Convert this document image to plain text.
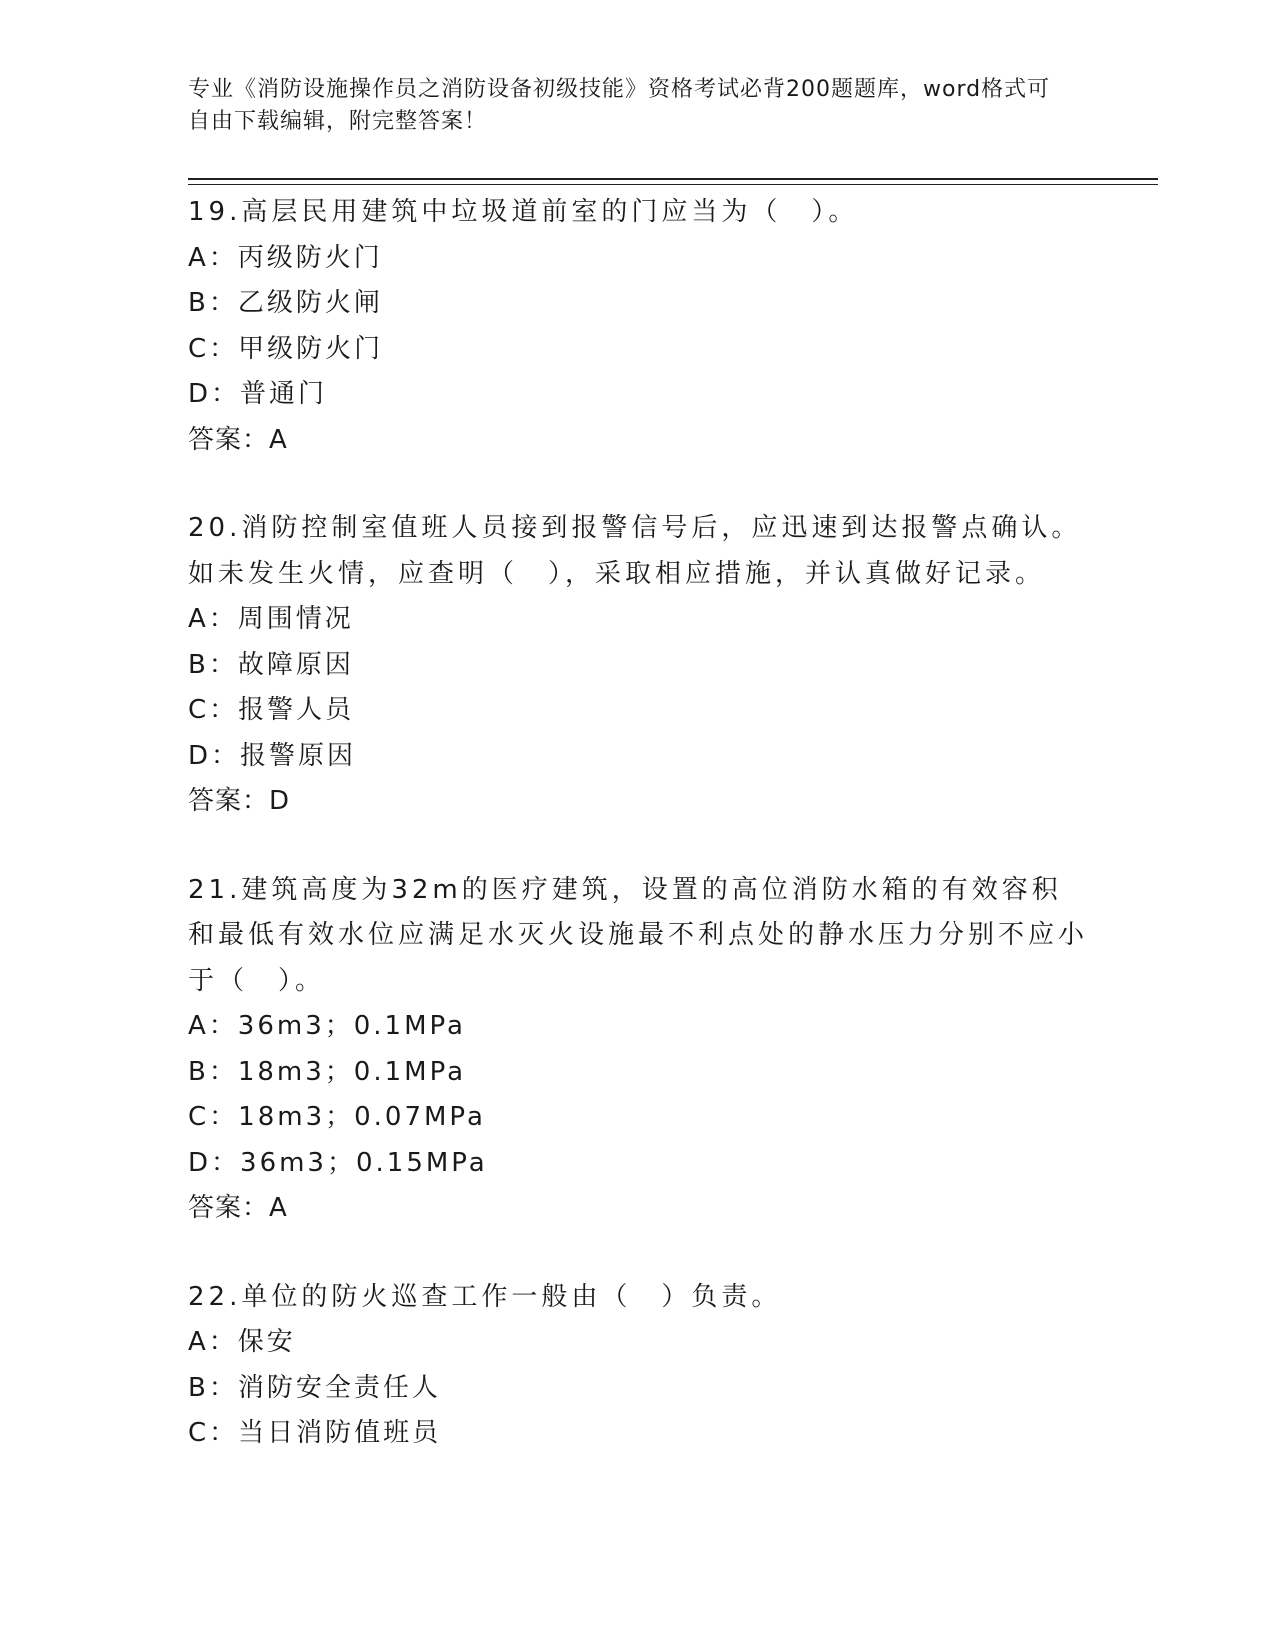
专业《消防设施操作员之消防设备初级技能》资格考试必背200题题库，word格式可自由下载编辑，附完整答案！
19.高层民用建筑中垃圾道前室的门应当为（　）。
A：丙级防火门
B：乙级防火闸
C：甲级防火门
D：普通门
答案：A
20.消防控制室值班人员接到报警信号后，应迅速到达报警点确认。如未发生火情，应查明（　），采取相应措施，并认真做好记录。
A：周围情况
B：故障原因
C：报警人员
D：报警原因
答案：D
21.建筑高度为32m的医疗建筑，设置的高位消防水箱的有效容积和最低有效水位应满足水灭火设施最不利点处的静水压力分别不应小于（　）。
A：36m3；0.1MPa
B：18m3；0.1MPa
C：18m3；0.07MPa
D：36m3；0.15MPa
答案：A
22.单位的防火巡查工作一般由（　）负责。
A：保安
B：消防安全责任人
C：当日消防值班员
